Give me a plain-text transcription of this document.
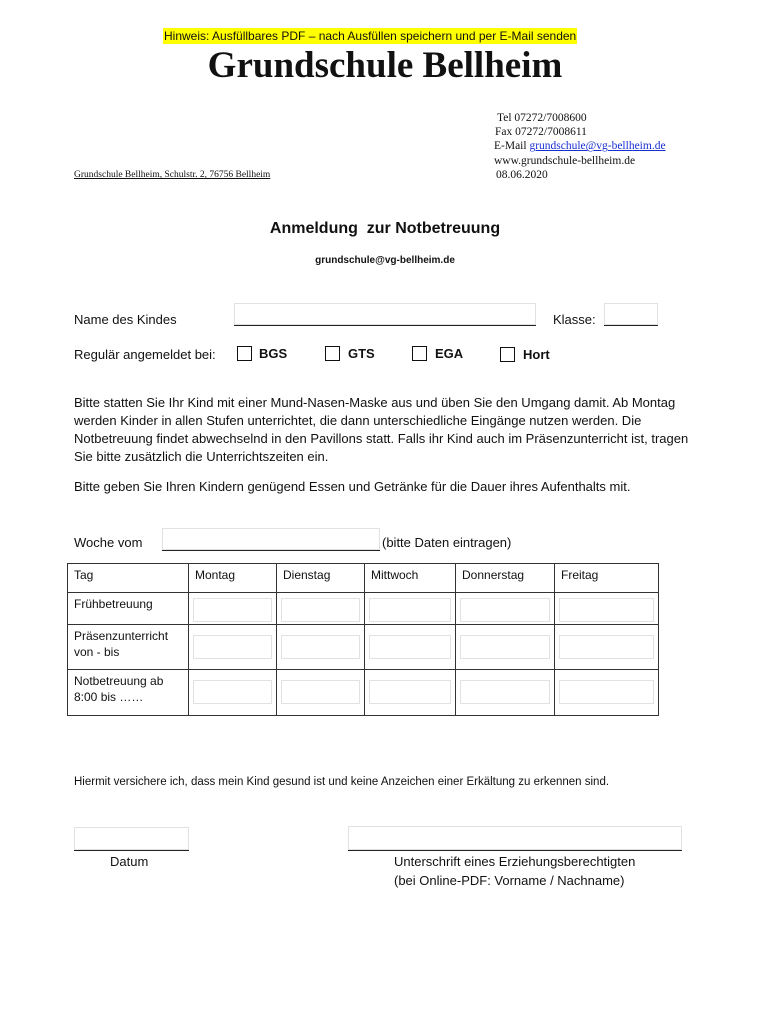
Hinweis: Ausfüllbares PDF – nach Ausfüllen speichern und per E-Mail senden
Grundschule Bellheim
Tel 07272/7008600
Fax 07272/7008611
E-Mail grundschule@vg-bellheim.de
www.grundschule-bellheim.de
08.06.2020
Grundschule Bellheim, Schulstr. 2, 76756 Bellheim
Anmeldung  zur Notbetreuung
grundschule@vg-bellheim.de
Name des Kindes	Klasse:
Regulär angemeldet bei:	BGS	GTS	EGA	Hort
Bitte statten Sie Ihr Kind mit einer Mund-Nasen-Maske aus und üben Sie den Umgang damit. Ab Montag werden Kinder in allen Stufen unterrichtet, die dann unterschiedliche Eingänge nutzen werden. Die Notbetreuung findet abwechselnd in den Pavillons statt. Falls ihr Kind auch im Präsenzunterricht ist, tragen Sie bitte zusätzlich die Unterrichtszeiten ein.
Bitte geben Sie Ihren Kindern genügend Essen und Getränke für die Dauer ihres Aufenthalts mit.
Woche vom	(bitte Daten eintragen)
Tag	Montag	Dienstag	Mittwoch	Donnerstag	Freitag
Frühbetreuung	

Präsenzunterricht
von - bis					

Notbetreuung ab
8:00 bis ……					

Hiermit versichere ich, dass mein Kind gesund ist und keine Anzeichen einer Erkältung zu erkennen sind.
Datum	Unterschrift eines Erziehungsberechtigten
(bei Online-PDF: Vorname / Nachname)
